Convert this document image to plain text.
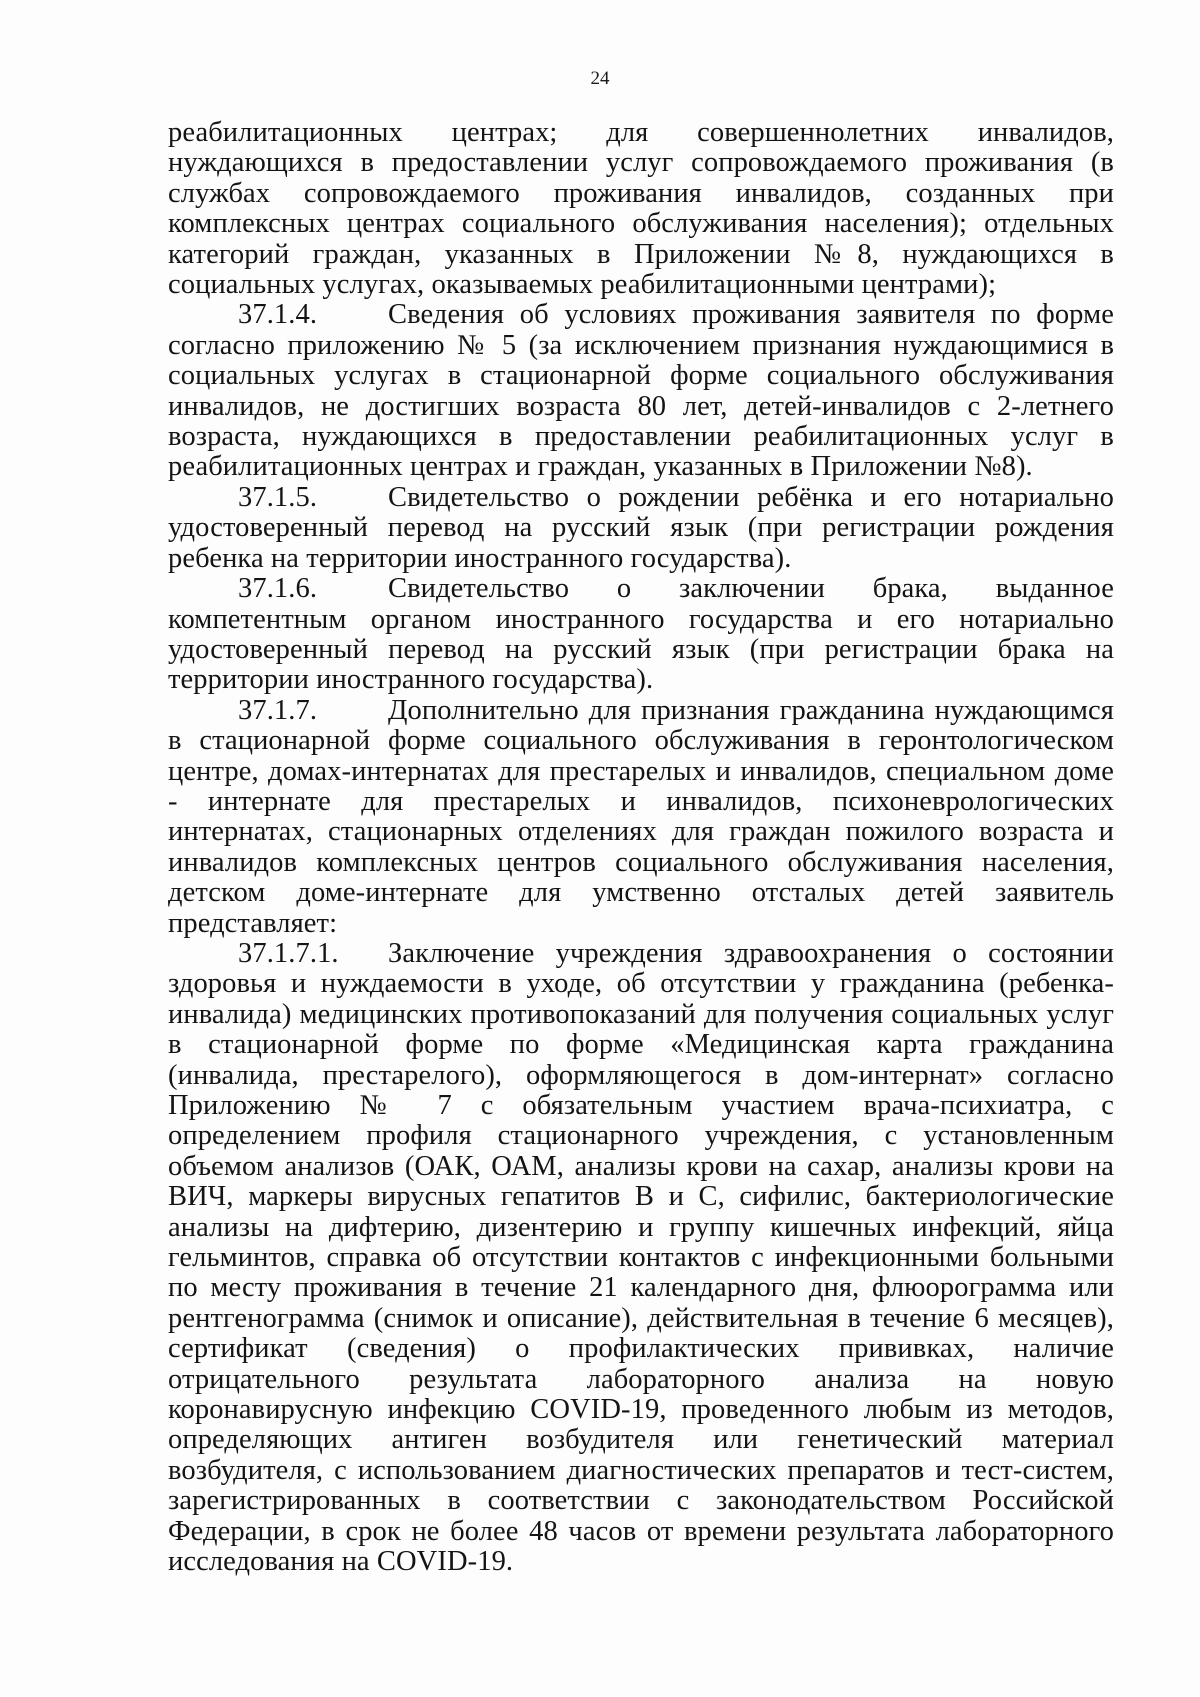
24

реабилитационных центрах; для совершеннолетних инвалидов, нуждающихся в предоставлении услуг сопровождаемого проживания (в службах сопровождаемого проживания инвалидов, созданных при комплексных центрах социального обслуживания населения); отдельных категорий граждан, указанных в Приложении №8, нуждающихся в социальных услугах, оказываемых реабилитационными центрами);

37.1.4. Сведения об условиях проживания заявителя по форме согласно приложению № 5 (за исключением признания нуждающимися в социальных услугах в стационарной форме социального обслуживания инвалидов, не достигших возраста 80 лет, детей-инвалидов с 2-летнего возраста, нуждающихся в предоставлении реабилитационных услуг в реабилитационных центрах и граждан, указанных в Приложении №8).

37.1.5. Свидетельство о рождении ребёнка и его нотариально удостоверенный перевод на русский язык (при регистрации рождения ребенка на территории иностранного государства).

37.1.6. Свидетельство о заключении брака, выданное компетентным органом иностранного государства и его нотариально удостоверенный перевод на русский язык (при регистрации брака на территории иностранного государства).

37.1.7. Дополнительно для признания гражданина нуждающимся в стационарной форме социального обслуживания в геронтологическом центре, домах-интернатах для престарелых и инвалидов, специальном доме - интернате для престарелых и инвалидов, психоневрологических интернатах, стационарных отделениях для граждан пожилого возраста и инвалидов комплексных центров социального обслуживания населения, детском доме-интернате для умственно отсталых детей заявитель представляет:

37.1.7.1. Заключение учреждения здравоохранения о состоянии здоровья и нуждаемости в уходе, об отсутствии у гражданина (ребенка-инвалида) медицинских противопоказаний для получения социальных услуг в стационарной форме по форме «Медицинская карта гражданина (инвалида, престарелого), оформляющегося в дом-интернат» согласно Приложению № 7 с обязательным участием врача-психиатра, с определением профиля стационарного учреждения, с установленным объемом анализов (ОАК, ОАМ, анализы крови на сахар, анализы крови на ВИЧ, маркеры вирусных гепатитов В и С, сифилис, бактериологические анализы на дифтерию, дизентерию и группу кишечных инфекций, яйца гельминтов, справка об отсутствии контактов с инфекционными больными по месту проживания в течение 21 календарного дня, флюорограмма или рентгенограмма (снимок и описание), действительная в течение 6 месяцев), сертификат (сведения) о профилактических прививках, наличие отрицательного результата лабораторного анализа на новую коронавирусную инфекцию COVID-19, проведенного любым из методов, определяющих антиген возбудителя или генетический материал возбудителя, с использованием диагностических препаратов и тест-систем, зарегистрированных в соответствии с законодательством Российской Федерации, в срок не более 48 часов от времени результата лабораторного исследования на COVID-19.
